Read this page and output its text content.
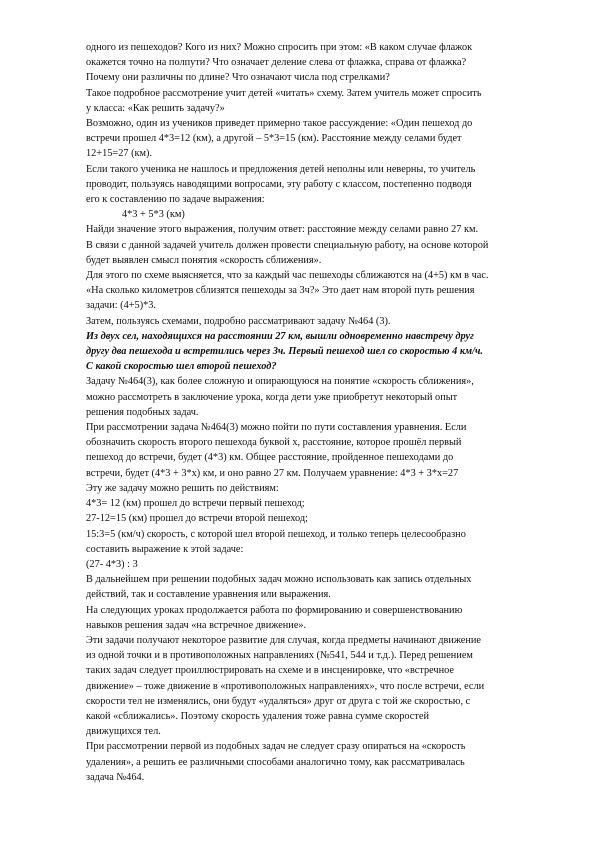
одного из пешеходов? Кого из них? Можно спросить при этом: «В каком случае флажок

окажется точно на полпути? Что означает деление слева от флажка, справа от флажка?

Почему они различны по длине? Что означают числа под стрелками?

Такое подробное рассмотрение учит детей «читать» схему. Затем учитель может спросить

у класса: «Как решить задачу?»

Возможно, один из учеников приведет примерно такое рассуждение: «Один пешеход до

встречи прошел 4*3=12 (км), а другой – 5*3=15 (км). Расстояние между селами будет

12+15=27 (км).

Если такого ученика не нашлось и предложения детей неполны или неверны, то учитель

проводит, пользуясь наводящими вопросами, эту работу с классом, постепенно подводя

его к составлению по задаче выражения:

4*3 + 5*3 (км)

Найди значение этого выражения, получим ответ: расстояние между селами равно 27 км.

В связи с данной задачей учитель должен провести специальную работу, на основе которой

будет выявлен смысл понятия «скорость сближения».

Для этого по схеме выясняется, что за каждый час пешеходы сближаются на (4+5) км в час.

«На сколько километров сблизятся пешеходы за 3ч?» Это дает нам второй путь решения

задачи: (4+5)*3.

Затем, пользуясь схемами, подробно рассматривают задачу №464 (3).

Из двух сел, находящихся на расстоянии 27 км, вышли одновременно навстречу друг

другу два пешехода и встретились через 3ч. Первый пешеход шел со скоростью 4 км/ч.

С какой скоростью шел второй пешеход?

Задачу №464(3), как более сложную и опирающуюся на понятие «скорость сближения»,

можно рассмотреть в заключение урока, когда дети уже приобретут некоторый опыт

решения подобных задач.

При рассмотрении задача №464(3) можно пойти по пути составления уравнения. Если

обозначить скорость второго пешехода буквой х, расстояние, которое прошёл первый

пешеход до встречи, будет (4*3) км. Общее расстояние, пройденное пешеходами до

встречи, будет (4*3 + 3*х) км, и оно равно 27 км. Получаем уравнение: 4*3 + 3*х=27

Эту же задачу можно решить по действиям:

4*3= 12 (км) прошел до встречи первый пешеход;

27-12=15 (км) прошел до встречи второй пешеход;

15:3=5 (км/ч) скорость, с которой шел второй пешеход, и только теперь целесообразно

составить выражение к этой задаче:

(27- 4*3) : 3

В дальнейшем при решении подобных задач можно использовать как запись отдельных

действий, так и составление уравнения или выражения.

На следующих уроках продолжается работа по формированию и совершенствованию

навыков решения задач «на встречное движение».

Эти задачи получают некоторое развитие для случая, когда предметы начинают движение

из одной точки и в противоположных направлениях (№541, 544 и т.д.). Перед решением

таких задач следует проиллюстрировать на схеме и в инсценировке, что «встречное

движение» – тоже движение в «противоположных направлениях», что после встречи, если

скорости тел не изменялись, они будут «удаляться» друг от друга с той же скоростью, с

какой «сближались». Поэтому скорость удаления тоже равна сумме скоростей

движущихся тел.

При рассмотрении первой из подобных задач не следует сразу опираться на «скорость

удаления», а решить ее различными способами аналогично тому, как рассматривалась

задача №464.
